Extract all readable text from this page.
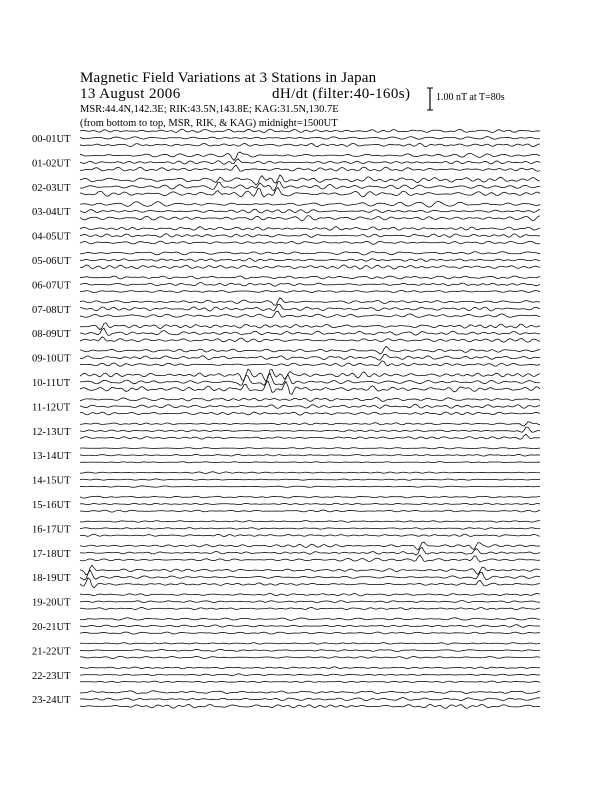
Magnetic Field Variations at 3 Stations in Japan
13 August 2006	dH/dt (filter:40-160s)
MSR:44.4N,142.3E; RIK:43.5N,143.8E; KAG:31.5N,130.7E
(from bottom to top, MSR, RIK, & KAG) midnight=1500UT
1.00 nT at T=80s
00-01UT
01-02UT
02-03UT
03-04UT
04-05UT
05-06UT
06-07UT
07-08UT
08-09UT
09-10UT
10-11UT
11-12UT
12-13UT
13-14UT
14-15UT
15-16UT
16-17UT
17-18UT
18-19UT
19-20UT
20-21UT
21-22UT
22-23UT
23-24UT
